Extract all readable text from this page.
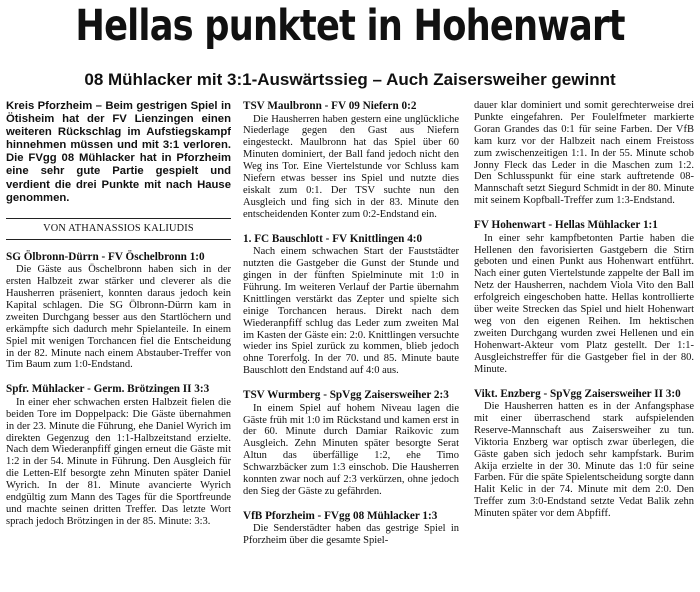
Hellas punktet in Hohenwart
08 Mühlacker mit 3:1-Auswärtssieg – Auch Zaisersweiher gewinnt
Kreis Pforzheim – Beim gestrigen Spiel in Ötisheim hat der FV Lienzingen einen weiteren Rückschlag im Aufstiegskampf hinnehmen müssen und mit 3:1 verloren. Die FVgg 08 Mühlacker hat in Pforzheim eine sehr gute Partie gespielt und verdient die drei Punkte mit nach Hause genommen.
VON ATHANASSIOS KALIUDIS
SG Ölbronn-Dürrn - FV Öschelbronn 1:0

Die Gäste aus Öschelbronn haben sich in der ersten Halbzeit zwar stärker und cleverer als die Hausherren präseniert, konnten daraus jedoch kein Kapital schlagen. Die SG Ölbronn-Dürrn kam in zweiten Durchgang besser aus den Startlöchern und erkämpfte sich dadurch mehr Spielanteile. In einem Spiel mit wenigen Torchancen fiel die Entscheidung in der 82. Minute nach einem Abstauber-Treffer von Tim Baum zum 1:0-Endstand.

Spfr. Mühlacker - Germ. Brötzingen II 3:3

In einer eher schwachen ersten Halbzeit fielen die beiden Tore im Doppelpack: Die Gäste übernahmen in der 23. Minute die Führung, ehe Daniel Wyrich im direkten Gegenzug den 1:1-Halbzeitstand erzielte. Nach dem Wiederanpfiff gingen erneut die Gäste mit 1:2 in der 54. Minute in Führung. Den Ausgleich für die Letten-Elf besorgte zehn Minuten später Daniel Wyrich. In der 81. Minute avancierte Wyrich endgültig zum Mann des Tages für die Sportfreunde und machte seinen dritten Treffer. Das letzte Wort sprach jedoch Brötzingen in der 85. Minute: 3:3.

TSV Maulbronn - FV 09 Niefern 0:2

Die Hausherren haben gestern eine unglückliche Niederlage gegen den Gast aus Niefern eingesteckt. Maulbronn hat das Spiel über 60 Minuten dominiert, der Ball fand jedoch nicht den Weg ins Tor. Eine Viertelstunde vor Schluss kam Niefern etwas besser ins Spiel und nutzte dies eiskalt zum 0:1. Der TSV suchte nun den Ausgleich und fing sich in der 83. Minute den entscheidenden Konter zum 0:2-Endstand ein.

1. FC Bauschlott - FV Knittlingen 4:0

Nach einem schwachen Start der Fauststädter nutzten die Gastgeber die Gunst der Stunde und gingen in der fünften Spielminute mit 1:0 in Führung. Im weiteren Verlauf der Partie übernahm Knittlingen verstärkt das Zepter und spielte sich einige Torchancen heraus. Direkt nach dem Wiederanpfiff schlug das Leder zum zweiten Mal im Kasten der Gäste ein: 2:0. Knittlingen versuchte wieder ins Spiel zurück zu kommen, blieb jedoch ohne Torerfolg. In der 70. und 85. Minute baute Bauschlott den Endstand auf 4:0 aus.

TSV Wurmberg - SpVgg Zaisersweiher 2:3

In einem Spiel auf hohem Niveau lagen die Gäste früh mit 1:0 im Rückstand und kamen erst in der 60. Minute durch Damiar Raikovic zum Ausgleich. Zehn Minuten später besorgte Serat Altun das überfällige 1:2, ehe Timo Schwarzbäcker zum 1:3 einschob. Die Hausherren konnten zwar noch auf 2:3 verkürzen, ohne jedoch den Sieg der Gäste zu gefährden.

VfB Pforzheim - FVgg 08 Mühlacker 1:3

Die Senderstädter haben das gestrige Spiel in Pforzheim über die gesamte Spiel-

dauer klar dominiert und somit gerechterweise drei Punkte eingefahren. Per Foulelfmeter markierte Goran Grandes das 0:1 für seine Farben. Der VfB kam kurz vor der Halbzeit nach einem Freistoss zum zwischenzeitigen 1:1. In der 55. Minute schob Jonny Fleck das Leder in die Maschen zum 1:2. Den Schlusspunkt für eine stark auftretende 08-Mannschaft setzt Siegurd Schmidt in der 80. Minute mit seinem Kopfball-Treffer zum 1:3-Endstand.

FV Hohenwart - Hellas Mühlacker 1:1

In einer sehr kampfbetonten Partie haben die Hellenen den favorisierten Gastgebern die Stirn geboten und einen Punkt aus Hohenwart entführt. Nach einer guten Viertelstunde zappelte der Ball im Netz der Hausherren, nachdem Viola Vito den Ball erfolgreich eingeschoben hatte. Hellas kontrollierte über weite Strecken das Spiel und hielt Hohenwart weg von den eigenen Reihen. Im hektischen zweiten Durchgang wurden zwei Hellenen und ein Hohenwart-Akteur vom Platz gestellt. Der 1:1-Ausgleichstreffer für die Gastgeber fiel in der 80. Minute.

Vikt. Enzberg - SpVgg Zaisersweiher II 3:0

Die Hausherren hatten es in der Anfangsphase mit einer überraschend stark aufspielenden Reserve-Mannschaft aus Zaisersweiher zu tun. Viktoria Enzberg war optisch zwar überlegen, die Gäste gaben sich jedoch sehr kampfstark. Burim Akija erzielte in der 30. Minute das 1:0 für seine Farben. Für die späte Spielentscheidung sorgte dann Halit Kelic in der 74. Minute mit dem 2:0. Den Treffer zum 3:0-Endstand setzte Vedat Balik zehn Minuten später vor dem Abpfiff.
